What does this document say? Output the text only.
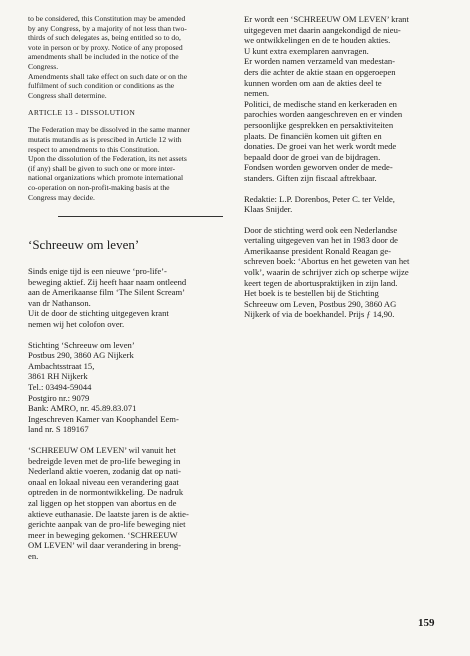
to be considered, this Constitution may be amended

by any Congress, by a majority of not less than two-

thirds of such delegates as, being entitled so to do,

vote in person or by proxy. Notice of any proposed

amendments shall be included in the notice of the

Congress.

Amendments shall take effect on such date or on the

fulfilment of such condition or conditions as the

Congress shall determine.

ARTICLE 13 - DISSOLUTION

The Federation may be dissolved in the same manner

mutatis mutandis as is prescibed in Article 12 with

respect to amendments to this Constitution.

Upon the dissolution of the Federation, its net assets

(if any) shall be given to such one or more inter-

national organizations which promote international

co-operation on non-profit-making basis at the

Congress may decide.

‘Schreeuw om leven’

Sinds enige tijd is een nieuwe ‘pro-life’-

beweging aktief. Zij heeft haar naam ontleend

aan de Amerikaanse film ‘The Silent Scream’

van dr Nathanson.

Uit de door de stichting uitgegeven krant

nemen wij het colofon over.

Stichting ‘Schreeuw om leven’

Postbus 290, 3860 AG Nijkerk

Ambachtsstraat 15,

3861 RH Nijkerk

Tel.: 03494-59044

Postgiro nr.: 9079

Bank: AMRO, nr. 45.89.83.071

Ingeschreven Kamer van Koophandel Eem-

land nr. S 189167

‘SCHREEUW OM LEVEN’ wil vanuit het

bedreigde leven met de pro-life beweging in

Nederland aktie voeren, zodanig dat op nati-

onaal en lokaal niveau een verandering gaat

optreden in de normontwikkeling. De nadruk

zal liggen op het stoppen van abortus en de

aktieve euthanasie. De laatste jaren is de aktie-

gerichte aanpak van de pro-life beweging niet

meer in beweging gekomen. ‘SCHREEUW

OM LEVEN’ wil daar verandering in breng-

en.

Er wordt een ‘SCHREEUW OM LEVEN’ krant

uitgegeven met daarin aangekondigd de nieu-

we ontwikkelingen en de te houden akties.

U kunt extra exemplaren aanvragen.

Er worden namen verzameld van medestan-

ders die achter de aktie staan en opgeroepen

kunnen worden om aan de akties deel te

nemen.

Politici, de medische stand en kerkeraden en

parochies worden aangeschreven en er vinden

persoonlijke gesprekken en persaktiviteiten

plaats. De financiën komen uit giften en

donaties. De groei van het werk wordt mede

bepaald door de groei van de bijdragen.

Fondsen worden geworven onder de mede-

standers. Giften zijn fiscaal aftrekbaar.

Redaktie: L.P. Dorenbos, Peter C. ter Velde,

Klaas Snijder.

Door de stichting werd ook een Nederlandse

vertaling uitgegeven van het in 1983 door de

Amerikaanse president Ronald Reagan ge-

schreven boek: ‘Abortus en het geweten van het

volk’, waarin de schrijver zich op scherpe wijze

keert tegen de abortuspraktijken in zijn land.

Het boek is te bestellen bij de Stichting

Schreeuw om Leven, Postbus 290, 3860 AG

Nijkerk of via de boekhandel. Prijs ƒ 14,90.

159
